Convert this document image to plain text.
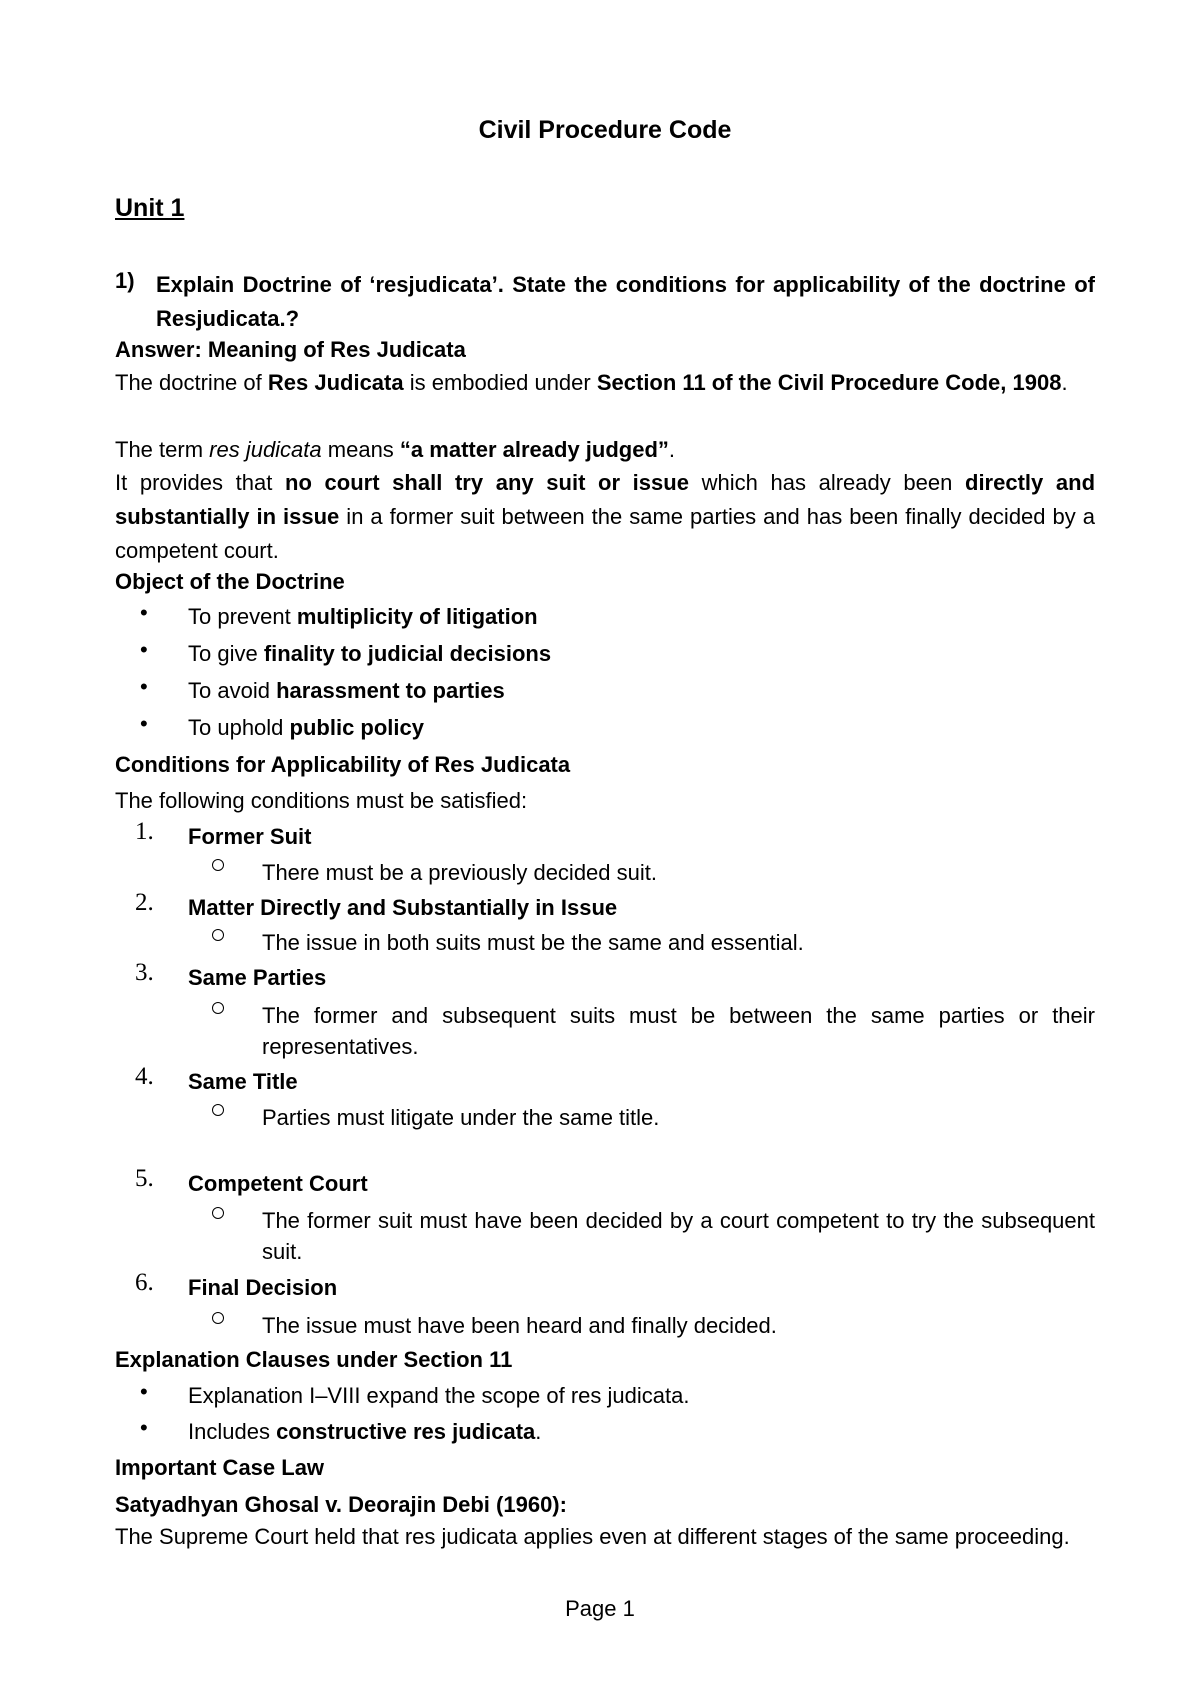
Civil Procedure Code
Unit 1
1) Explain Doctrine of ‘resjudicata’. State the conditions for applicability of the doctrine of Resjudicata.?
Answer: Meaning of Res Judicata
The doctrine of Res Judicata is embodied under Section 11 of the Civil Procedure Code, 1908.
The term res judicata means “a matter already judged”.
It provides that no court shall try any suit or issue which has already been directly and substantially in issue in a former suit between the same parties and has been finally decided by a competent court.
Object of the Doctrine
• To prevent multiplicity of litigation
• To give finality to judicial decisions
• To avoid harassment to parties
• To uphold public policy
Conditions for Applicability of Res Judicata
The following conditions must be satisfied:
1. Former Suit
There must be a previously decided suit.
2. Matter Directly and Substantially in Issue
The issue in both suits must be the same and essential.
3. Same Parties
The former and subsequent suits must be between the same parties or their representatives.
4. Same Title
Parties must litigate under the same title.
5. Competent Court
The former suit must have been decided by a court competent to try the subsequent suit.
6. Final Decision
The issue must have been heard and finally decided.
Explanation Clauses under Section 11
• Explanation I–VIII expand the scope of res judicata.
• Includes constructive res judicata.
Important Case Law
Satyadhyan Ghosal v. Deorajin Debi (1960):
The Supreme Court held that res judicata applies even at different stages of the same proceeding.
Page 1
